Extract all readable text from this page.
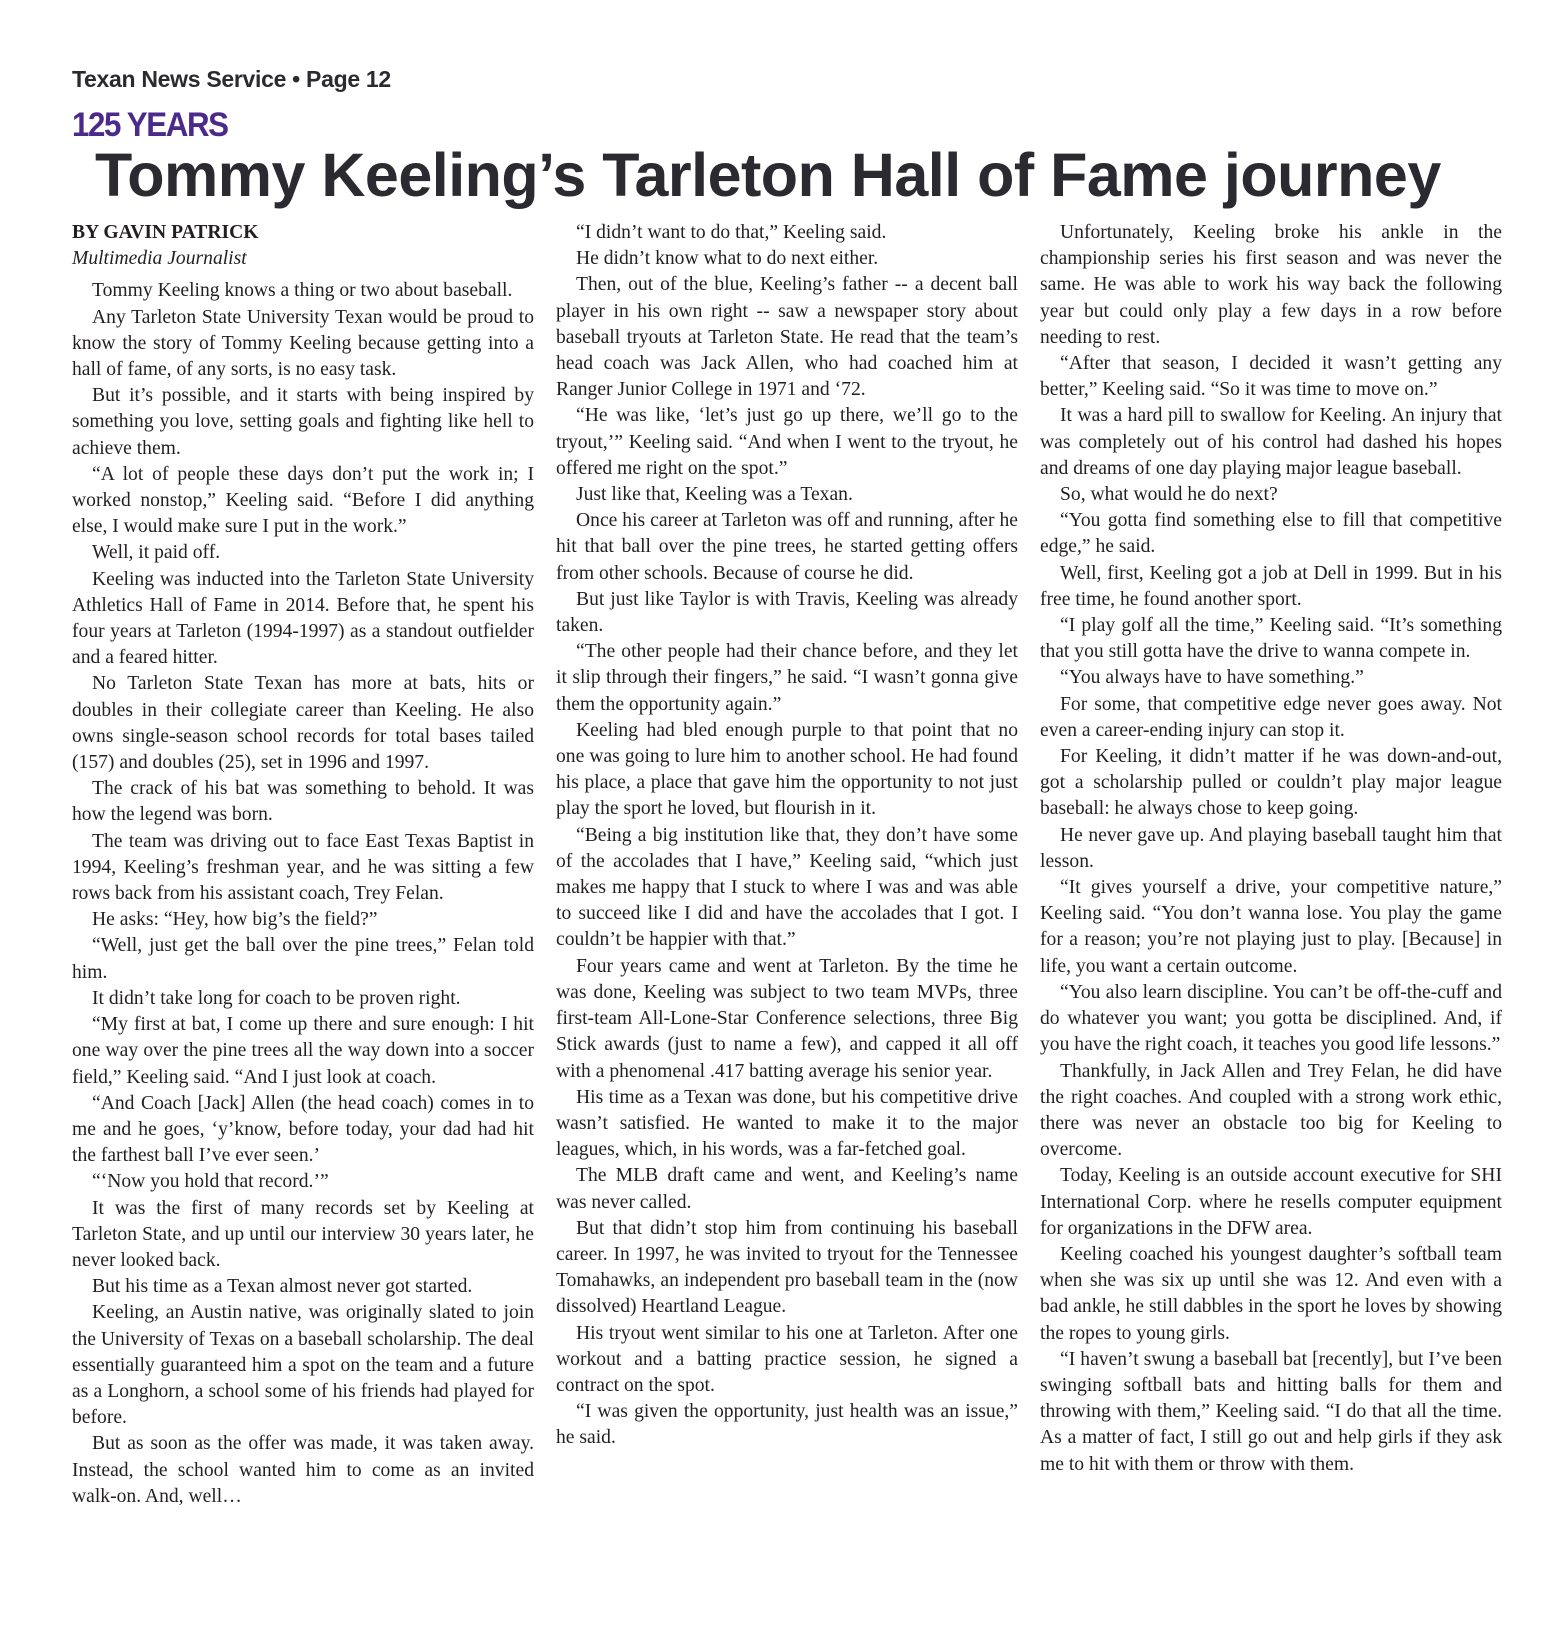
Texan News Service • Page 12
125 YEARS
Tommy Keeling’s Tarleton Hall of Fame journey

BY GAVIN PATRICK

Multimedia Journalist

Tommy Keeling knows a thing or two about baseball.

Any Tarleton State University Texan would be proud to know the story of Tommy Keeling because getting into a hall of fame, of any sorts, is no easy task.

But it’s possible, and it starts with being inspired by something you love, setting goals and fighting like hell to achieve them.

“A lot of people these days don’t put the work in; I worked nonstop,” Keeling said. “Before I did anything else, I would make sure I put in the work.”

Well, it paid off.

Keeling was inducted into the Tarleton State University Athletics Hall of Fame in 2014. Before that, he spent his four years at Tarleton (1994-1997) as a standout outfielder and a feared hitter.

No Tarleton State Texan has more at bats, hits or doubles in their collegiate career than Keeling. He also owns single-season school records for total bases tailed (157) and doubles (25), set in 1996 and 1997.

The crack of his bat was something to behold. It was how the legend was born.

The team was driving out to face East Texas Baptist in 1994, Keeling’s freshman year, and he was sitting a few rows back from his assistant coach, Trey Felan.

He asks: “Hey, how big’s the field?”

“Well, just get the ball over the pine trees,” Felan told him.

It didn’t take long for coach to be proven right.

“My first at bat, I come up there and sure enough: I hit one way over the pine trees all the way down into a soccer field,” Keeling said. “And I just look at coach.

“And Coach [Jack] Allen (the head coach) comes in to me and he goes, ‘y’know, before today, your dad had hit the farthest ball I’ve ever seen.’

“‘Now you hold that record.’”

It was the first of many records set by Keeling at Tarleton State, and up until our interview 30 years later, he never looked back.

But his time as a Texan almost never got started.

Keeling, an Austin native, was originally slated to join the University of Texas on a baseball scholarship. The deal essentially guaranteed him a spot on the team and a future as a Longhorn, a school some of his friends had played for before.

But as soon as the offer was made, it was taken away. Instead, the school wanted him to come as an invited walk-on. And, well…

“I didn’t want to do that,” Keeling said.

He didn’t know what to do next either.

Then, out of the blue, Keeling’s father -- a decent ball player in his own right -- saw a newspaper story about baseball tryouts at Tarleton State. He read that the team’s head coach was Jack Allen, who had coached him at Ranger Junior College in 1971 and ‘72.

“He was like, ‘let’s just go up there, we’ll go to the tryout,’” Keeling said. “And when I went to the tryout, he offered me right on the spot.”

Just like that, Keeling was a Texan.

Once his career at Tarleton was off and running, after he hit that ball over the pine trees, he started getting offers from other schools. Because of course he did.

But just like Taylor is with Travis, Keeling was already taken.

“The other people had their chance before, and they let it slip through their fingers,” he said. “I wasn’t gonna give them the opportunity again.”

Keeling had bled enough purple to that point that no one was going to lure him to another school. He had found his place, a place that gave him the opportunity to not just play the sport he loved, but flourish in it.

“Being a big institution like that, they don’t have some of the accolades that I have,” Keeling said, “which just makes me happy that I stuck to where I was and was able to succeed like I did and have the accolades that I got. I couldn’t be happier with that.”

Four years came and went at Tarleton. By the time he was done, Keeling was subject to two team MVPs, three first-team All-Lone-Star Conference selections, three Big Stick awards (just to name a few), and capped it all off with a phenomenal .417 batting average his senior year.

His time as a Texan was done, but his competitive drive wasn’t satisfied. He wanted to make it to the major leagues, which, in his words, was a far-fetched goal.

The MLB draft came and went, and Keeling’s name was never called.

But that didn’t stop him from continuing his baseball career. In 1997, he was invited to tryout for the Tennessee Tomahawks, an independent pro baseball team in the (now dissolved) Heartland League.

His tryout went similar to his one at Tarleton. After one workout and a batting practice session, he signed a contract on the spot.

“I was given the opportunity, just health was an issue,” he said.

Unfortunately, Keeling broke his ankle in the championship series his first season and was never the same. He was able to work his way back the following year but could only play a few days in a row before needing to rest.

“After that season, I decided it wasn’t getting any better,” Keeling said. “So it was time to move on.”

It was a hard pill to swallow for Keeling. An injury that was completely out of his control had dashed his hopes and dreams of one day playing major league baseball.

So, what would he do next?

“You gotta find something else to fill that competitive edge,” he said.

Well, first, Keeling got a job at Dell in 1999. But in his free time, he found another sport.

“I play golf all the time,” Keeling said. “It’s something that you still gotta have the drive to wanna compete in.

“You always have to have something.”

For some, that competitive edge never goes away. Not even a career-ending injury can stop it.

For Keeling, it didn’t matter if he was down-and-out, got a scholarship pulled or couldn’t play major league baseball: he always chose to keep going.

He never gave up. And playing baseball taught him that lesson.

“It gives yourself a drive, your competitive nature,” Keeling said. “You don’t wanna lose. You play the game for a reason; you’re not playing just to play. [Because] in life, you want a certain outcome.

“You also learn discipline. You can’t be off-the-cuff and do whatever you want; you gotta be disciplined. And, if you have the right coach, it teaches you good life lessons.”

Thankfully, in Jack Allen and Trey Felan, he did have the right coaches. And coupled with a strong work ethic, there was never an obstacle too big for Keeling to overcome.

Today, Keeling is an outside account executive for SHI International Corp. where he resells computer equipment for organizations in the DFW area.

Keeling coached his youngest daughter’s softball team when she was six up until she was 12. And even with a bad ankle, he still dabbles in the sport he loves by showing the ropes to young girls.

“I haven’t swung a baseball bat [recently], but I’ve been swinging softball bats and hitting balls for them and throwing with them,” Keeling said. “I do that all the time. As a matter of fact, I still go out and help girls if they ask me to hit with them or throw with them.
